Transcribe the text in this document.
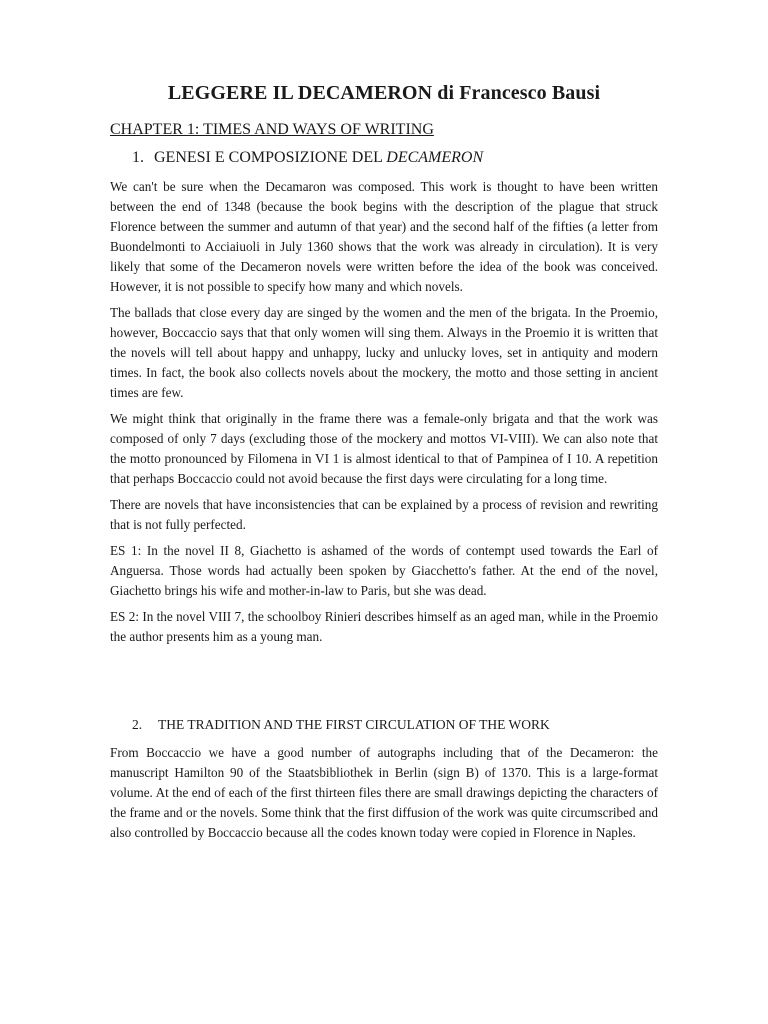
LEGGERE IL DECAMERON di Francesco Bausi
CHAPTER 1: TIMES AND WAYS OF WRITING
1. GENESI E COMPOSIZIONE DEL DECAMERON

We can't be sure when the Decamaron was composed. This work is thought to have been written between the end of 1348 (because the book begins with the description of the plague that struck Florence between the summer and autumn of that year) and the second half of the fifties (a letter from Buondelmonti to Acciaiuoli in July 1360 shows that the work was already in circulation). It is very likely that some of the Decameron novels were written before the idea of the book was conceived. However, it is not possible to specify how many and which novels.

The ballads that close every day are singed by the women and the men of the brigata. In the Proemio, however, Boccaccio says that that only women will sing them. Always in the Proemio it is written that the novels will tell about happy and unhappy, lucky and unlucky loves, set in antiquity and modern times. In fact, the book also collects novels about the mockery, the motto and those setting in ancient times are few.

We might think that originally in the frame there was a female-only brigata and that the work was composed of only 7 days (excluding those of the mockery and mottos VI-VIII). We can also note that the motto pronounced by Filomena in VI 1 is almost identical to that of Pampinea of I 10. A repetition that perhaps Boccaccio could not avoid because the first days were circulating for a long time.

There are novels that have inconsistencies that can be explained by a process of revision and rewriting that is not fully perfected.

ES 1: In the novel II 8, Giachetto is ashamed of the words of contempt used towards the Earl of Anguersa. Those words had actually been spoken by Giacchetto's father. At the end of the novel, Giachetto brings his wife and mother-in-law to Paris, but she was dead.

ES 2: In the novel VIII 7, the schoolboy Rinieri describes himself as an aged man, while in the Proemio the author presents him as a young man.

2. THE TRADITION AND THE FIRST CIRCULATION OF THE WORK

From Boccaccio we have a good number of autographs including that of the Decameron: the manuscript Hamilton 90 of the Staatsbibliothek in Berlin (sign B) of 1370. This is a large-format volume. At the end of each of the first thirteen files there are small drawings depicting the characters of the frame and or the novels. Some think that the first diffusion of the work was quite circumscribed and also controlled by Boccaccio because all the codes known today were copied in Florence in Naples.
